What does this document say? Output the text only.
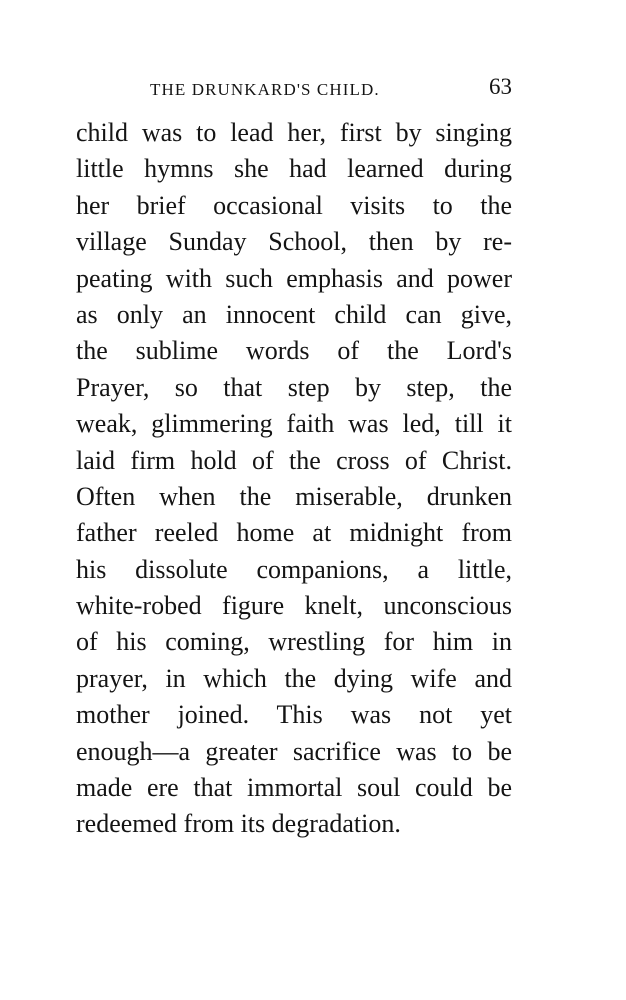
THE DRUNKARD'S CHILD.	63
child was to lead her, first by singing
little hymns she had learned during
her brief occasional visits to the
village Sunday School, then by re-
peating with such emphasis and power
as only an innocent child can give,
the sublime words of the Lord's
Prayer, so that step by step, the
weak, glimmering faith was led, till it
laid firm hold of the cross of Christ.
Often when the miserable, drunken
father reeled home at midnight from
his dissolute companions, a little,
white-robed figure knelt, unconscious
of his coming, wrestling for him in
prayer, in which the dying wife and
mother joined. This was not yet
enough—a greater sacrifice was to be
made ere that immortal soul could be
redeemed from its degradation.
